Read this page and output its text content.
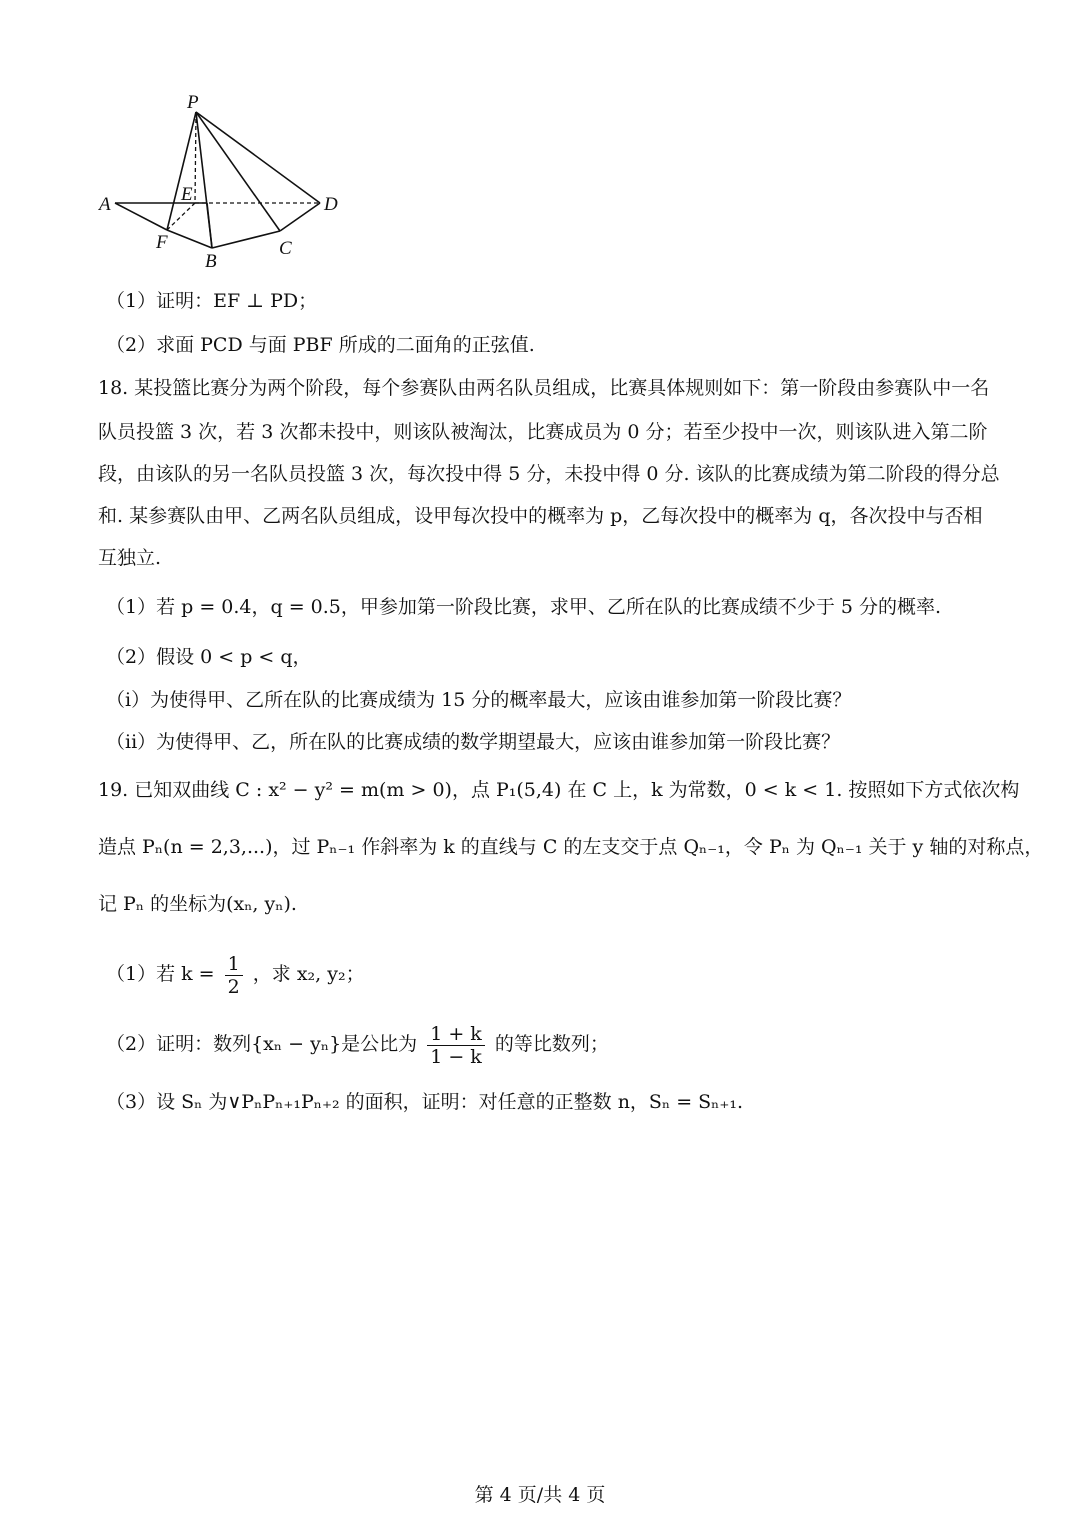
P
A	E	D
F
B
C
（1）证明：EF ⊥ PD；
（2）求面 PCD 与面 PBF 所成的二面角的正弦值.
18. 某投篮比赛分为两个阶段，每个参赛队由两名队员组成，比赛具体规则如下：第一阶段由参赛队中一名
队员投篮 3 次，若 3 次都未投中，则该队被淘汰，比赛成员为 0 分；若至少投中一次，则该队进入第二阶
段，由该队的另一名队员投篮 3 次，每次投中得 5 分，未投中得 0 分. 该队的比赛成绩为第二阶段的得分总
和. 某参赛队由甲、乙两名队员组成，设甲每次投中的概率为 p，乙每次投中的概率为 q，各次投中与否相
互独立.
（1）若 p = 0.4，q = 0.5，甲参加第一阶段比赛，求甲、乙所在队的比赛成绩不少于 5 分的概率.
（2）假设 0 < p < q，
（i）为使得甲、乙所在队的比赛成绩为 15 分的概率最大，应该由谁参加第一阶段比赛？
（ii）为使得甲、乙，所在队的比赛成绩的数学期望最大，应该由谁参加第一阶段比赛？
19. 已知双曲线 C : x² − y² = m(m > 0)，点 P₁(5,4) 在 C 上，k 为常数，0 < k < 1. 按照如下方式依次构
造点 Pₙ(n = 2,3,...)，过 Pₙ₋₁ 作斜率为 k 的直线与 C 的左支交于点 Qₙ₋₁，令 Pₙ 为 Qₙ₋₁ 关于 y 轴的对称点，
记 Pₙ 的坐标为(xₙ, yₙ).
（1）若 $k = \frac{1}{2}$ ，求 x₂, y₂；
（2）证明：数列{xₙ − yₙ}是公比为 $\frac{1 + k}{1 - k}$ 的等比数列；
（3）设 Sₙ 为∨PₙPₙ₊₁Pₙ₊₂ 的面积，证明：对任意的正整数 n，Sₙ = Sₙ₊₁.
第 4 页/共 4 页
